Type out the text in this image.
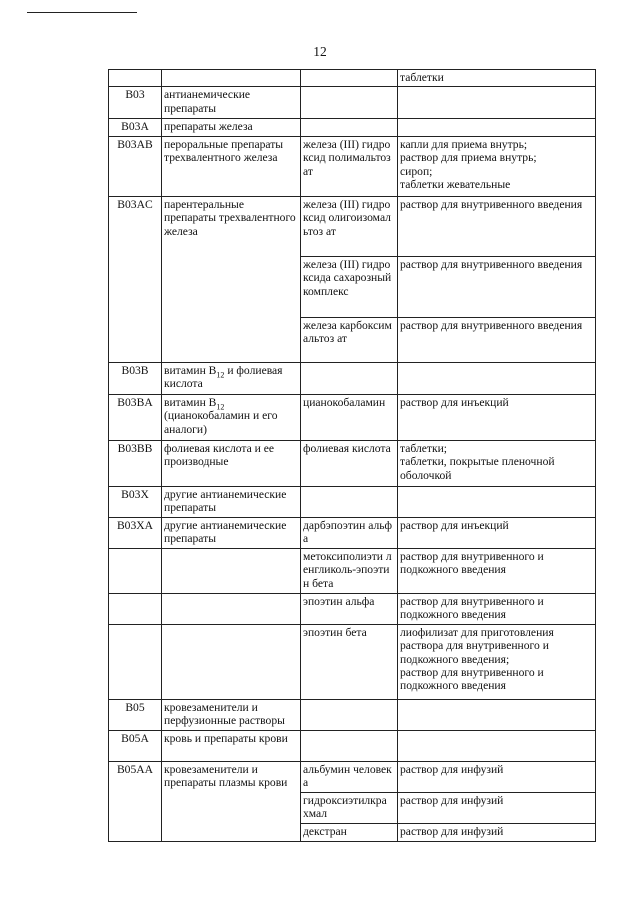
12
			таблетки
B03	антианемические препараты		
B03A	препараты железа		
B03AB	пероральные препараты трехвалентного железа	железа (III) гидроксид полимальтозат	капли для приема внутрь;
раствор для приема внутрь;
сироп;
таблетки жевательные
B03AC	парентеральные препараты трехвалентного железа	железа (III) гидроксид олигоизомальтоз ат	раствор для внутривенного введения
		железа (III) гидроксида сахарозный комплекс	раствор для внутривенного введения
		железа карбоксимальтоз ат	раствор для внутривенного введения
B03B	витамин $B_{12}$ и фолиевая кислота		
B03BA	витамин $B_{12}$ (цианокобаламин и его аналоги)	цианокобаламин	раствор для инъекций
B03BB	фолиевая кислота и ее производные	фолиевая кислота	таблетки;
таблетки, покрытые пленочной оболочкой
B03X	другие антианемические препараты		
B03XA	другие антианемические препараты	дарбэпоэтин альфа	раствор для инъекций
		метоксиполиэти ленгликоль-эпоэтин бета	раствор для внутривенного и подкожного введения
		эпоэтин альфа	раствор для внутривенного и подкожного введения
		эпоэтин бета	лиофилизат для приготовления раствора для внутривенного и подкожного введения;
раствор для внутривенного и подкожного введения
B05	кровезаменители и перфузионные растворы		
B05A	кровь и препараты крови		
B05AA	кровезаменители и препараты плазмы крови	альбумин человека	раствор для инфузий
		гидроксиэтилкра хмал	раствор для инфузий
		декстран	раствор для инфузий
